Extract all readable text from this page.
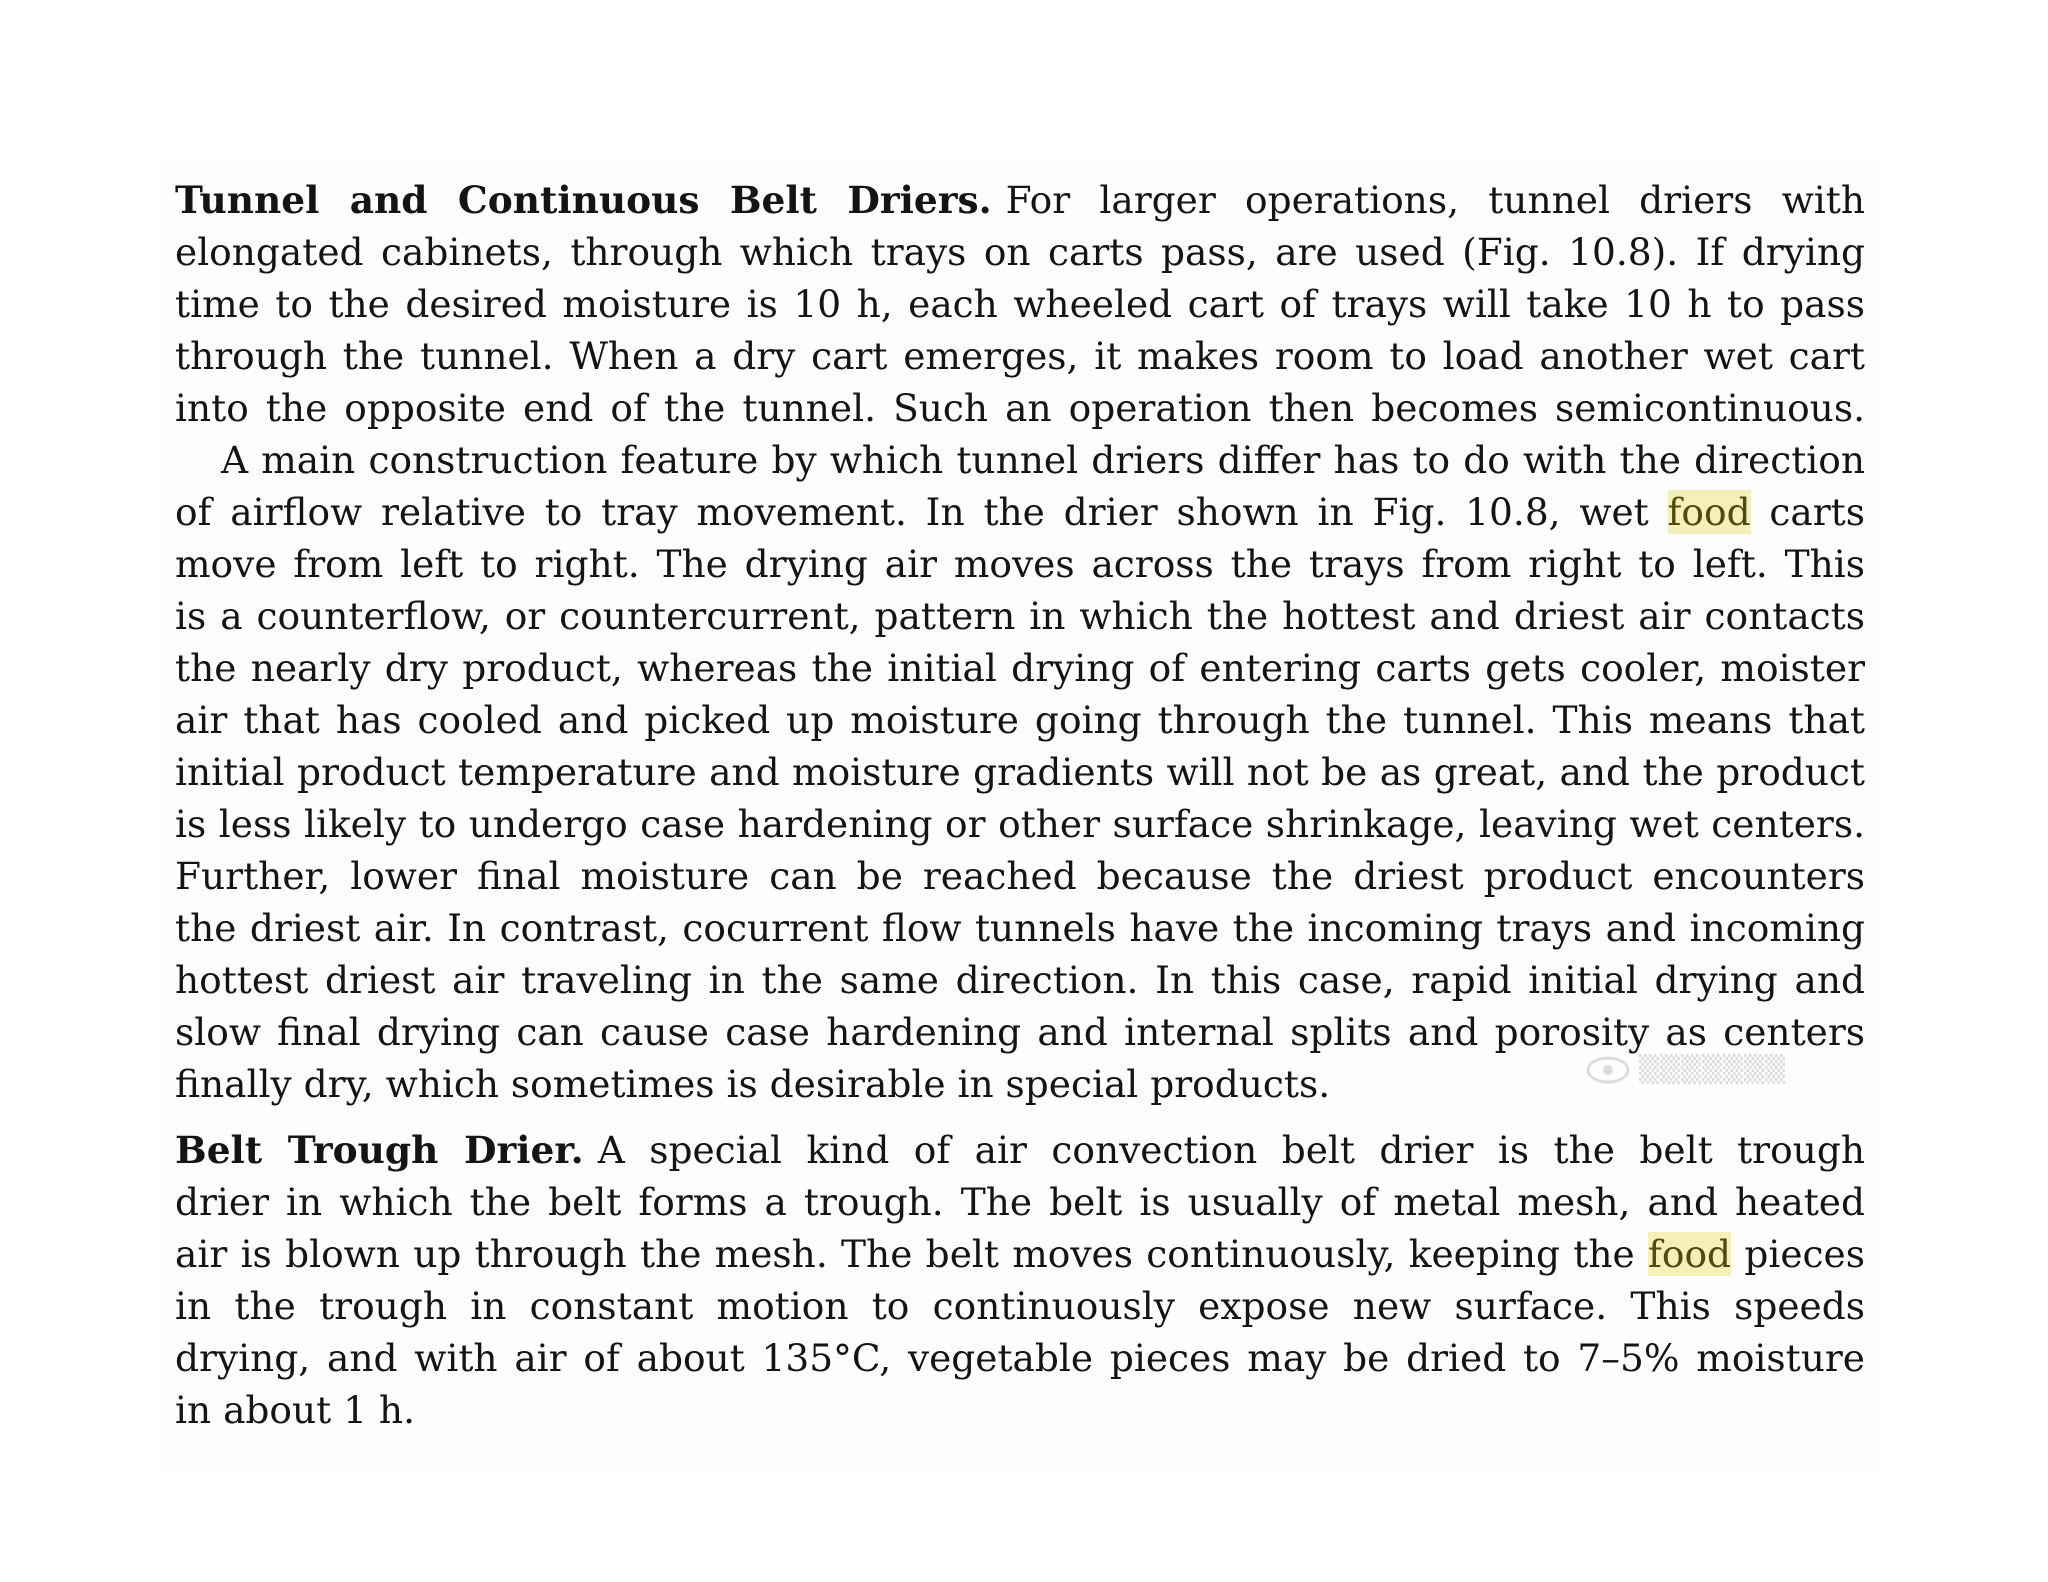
Tunnel and Continuous Belt Driers. For larger operations, tunnel driers with
elongated cabinets, through which trays on carts pass, are used (Fig. 10.8). If drying
time to the desired moisture is 10 h, each wheeled cart of trays will take 10 h to pass
through the tunnel. When a dry cart emerges, it makes room to load another wet cart
into the opposite end of the tunnel. Such an operation then becomes semicontinuous.
A main construction feature by which tunnel driers differ has to do with the direction
of airflow relative to tray movement. In the drier shown in Fig. 10.8, wet food carts
move from left to right. The drying air moves across the trays from right to left. This
is a counterflow, or countercurrent, pattern in which the hottest and driest air contacts
the nearly dry product, whereas the initial drying of entering carts gets cooler, moister
air that has cooled and picked up moisture going through the tunnel. This means that
initial product temperature and moisture gradients will not be as great, and the product
is less likely to undergo case hardening or other surface shrinkage, leaving wet centers.
Further, lower final moisture can be reached because the driest product encounters
the driest air. In contrast, cocurrent flow tunnels have the incoming trays and incoming
hottest driest air traveling in the same direction. In this case, rapid initial drying and
slow final drying can cause case hardening and internal splits and porosity as centers
finally dry, which sometimes is desirable in special products.	▒▒▒▒▒▒▒
Belt Trough Drier. A special kind of air convection belt drier is the belt trough
drier in which the belt forms a trough. The belt is usually of metal mesh, and heated
air is blown up through the mesh. The belt moves continuously, keeping the food pieces
in the trough in constant motion to continuously expose new surface. This speeds
drying, and with air of about 135°C, vegetable pieces may be dried to 7–5% moisture
in about 1 h.
